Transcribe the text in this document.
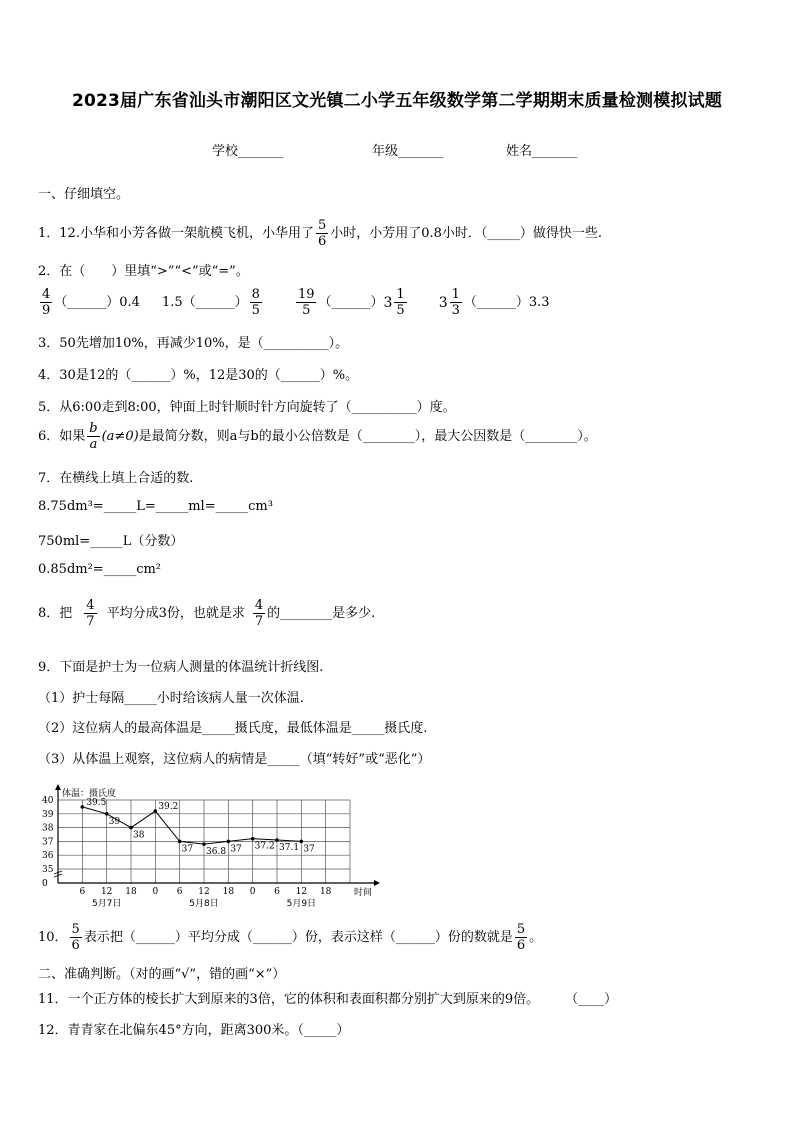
2023届广东省汕头市潮阳区文光镇二小学五年级数学第二学期期末质量检测模拟试题
学校_______	年级_______	姓名_______
一、仔细填空。
1．12.小华和小芳各做一架航模飞机，小华用了 $\frac{5}{6}$ 小时，小芳用了0.8小时．（_____）做得快一些.
2．在（　　）里填“>”“<”或“=”。
$\frac{4}{9}$ （______）0.4 1.5（______） $\frac{8}{5}$	$\frac{19}{5}$ （______）3 $\frac{1}{5} 3 \frac{1}{3}$ （______）3.3
3．50先增加10%，再减少10%，是（__________）。
4．30是12的（______）%，12是30的（______）%。
5．从6:00走到8:00，钟面上时针顺时针方向旋转了（__________）度。
6．如果 $\frac{b}{a} (a\ne 0)$是最简分数，则a与b的最小公倍数是（________），最大公因数是（________）。
7．在横线上填上合适的数.
8.75dm³=_____L=_____ml=_____cm³
750ml=_____L（分数）
0.85dm²=_____cm²
8．把 $\frac{4}{7}$ 平均分成3份，也就是求 $\frac{4}{7}$ 的________是多少.
9．下面是护士为一位病人测量的体温统计折线图.
（1）护士每隔_____小时给该病人量一次体温.
（2）这位病人的最高体温是_____摄氏度，最低体温是_____摄氏度.
（3）从体温上观察，这位病人的病情是_____（填“转好”或“恶化”）
40
39
38
37
36
35
0
6 12 18 0 6 12 18 0 6 12 18
5月7日	5月8日	5月9日
体温：摄氏度
时间
39.5
39
38
39.2
37 36.8 37 37.2 37.1 37
10． $\frac{5}{6}$ 表示把（______）平均分成（______）份，表示这样（______）份的数就是 $\frac{5}{6}$ 。
二、准确判断。（对的画“√”，错的画“×”）
11．一个正方体的棱长扩大到原来的3倍，它的体积和表面积都分别扩大到原来的9倍。　　　（____）
12．青青家在北偏东45°方向，距离300米。（_____）
